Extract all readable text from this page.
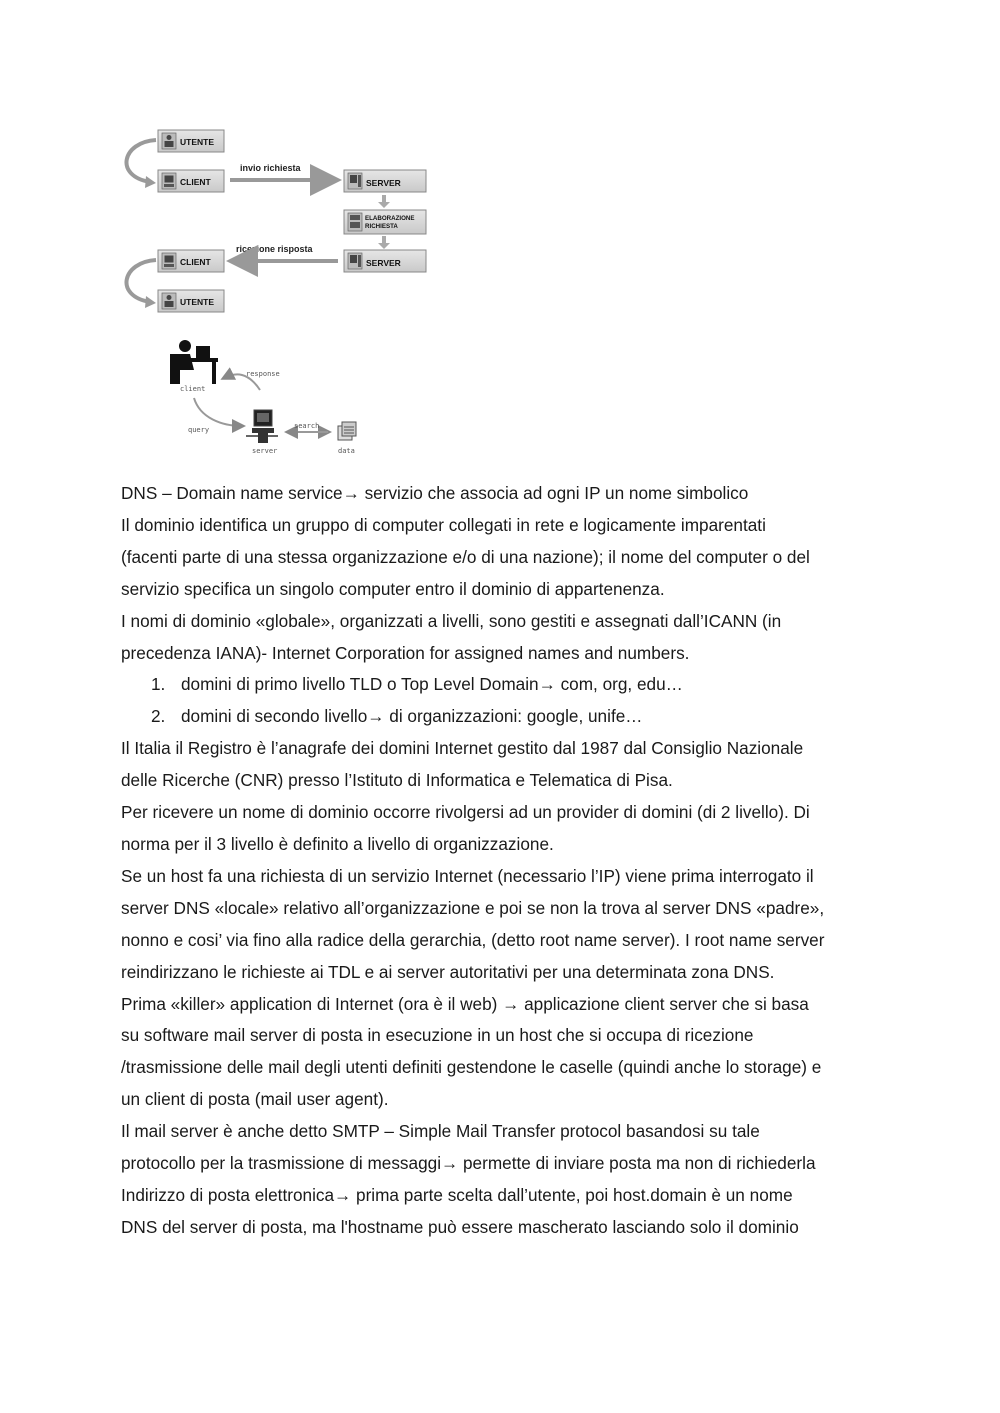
UTENTE
CLIENT
invio richiesta
SERVER
ELABORAZIONE
RICHIESTA
SERVER
ricezione risposta
CLIENT
UTENTE
client
response
query
server
search
data

DNS – Domain name service→ servizio che associa ad ogni IP un nome simbolico

Il dominio identifica un gruppo di computer collegati in rete e logicamente imparentati

(facenti parte di una stessa organizzazione e/o di una nazione); il nome del computer o del

servizio specifica un singolo computer entro il dominio di appartenenza.

I nomi di dominio «globale», organizzati a livelli, sono gestiti e assegnati dall’ICANN (in

precedenza IANA)- Internet Corporation for assigned names and numbers.

1. domini di primo livello TLD o Top Level Domain→ com, org, edu…

2. domini di secondo livello→ di organizzazioni: google, unife…

Il Italia il Registro è l’anagrafe dei domini Internet gestito dal 1987 dal Consiglio Nazionale

delle Ricerche (CNR) presso l’Istituto di Informatica e Telematica di Pisa.

Per ricevere un nome di dominio occorre rivolgersi ad un provider di domini (di 2 livello). Di

norma per il 3 livello è definito a livello di organizzazione.

Se un host fa una richiesta di un servizio Internet (necessario l’IP) viene prima interrogato il

server DNS «locale» relativo all’organizzazione e poi se non la trova al server DNS «padre»,

nonno e cosi’ via fino alla radice della gerarchia, (detto root name server). I root name server

reindirizzano le richieste ai TDL e ai server autoritativi per una determinata zona DNS.

Prima «killer» application di Internet (ora è il web) → applicazione client server che si basa

su software mail server di posta in esecuzione in un host che si occupa di ricezione

/trasmissione delle mail degli utenti definiti gestendone le caselle (quindi anche lo storage) e

un client di posta (mail user agent).

Il mail server è anche detto SMTP – Simple Mail Transfer protocol basandosi su tale

protocollo per la trasmissione di messaggi→ permette di inviare posta ma non di richiederla

Indirizzo di posta elettronica→ prima parte scelta dall’utente, poi host.domain è un nome

DNS del server di posta, ma l'hostname può essere mascherato lasciando solo il dominio
